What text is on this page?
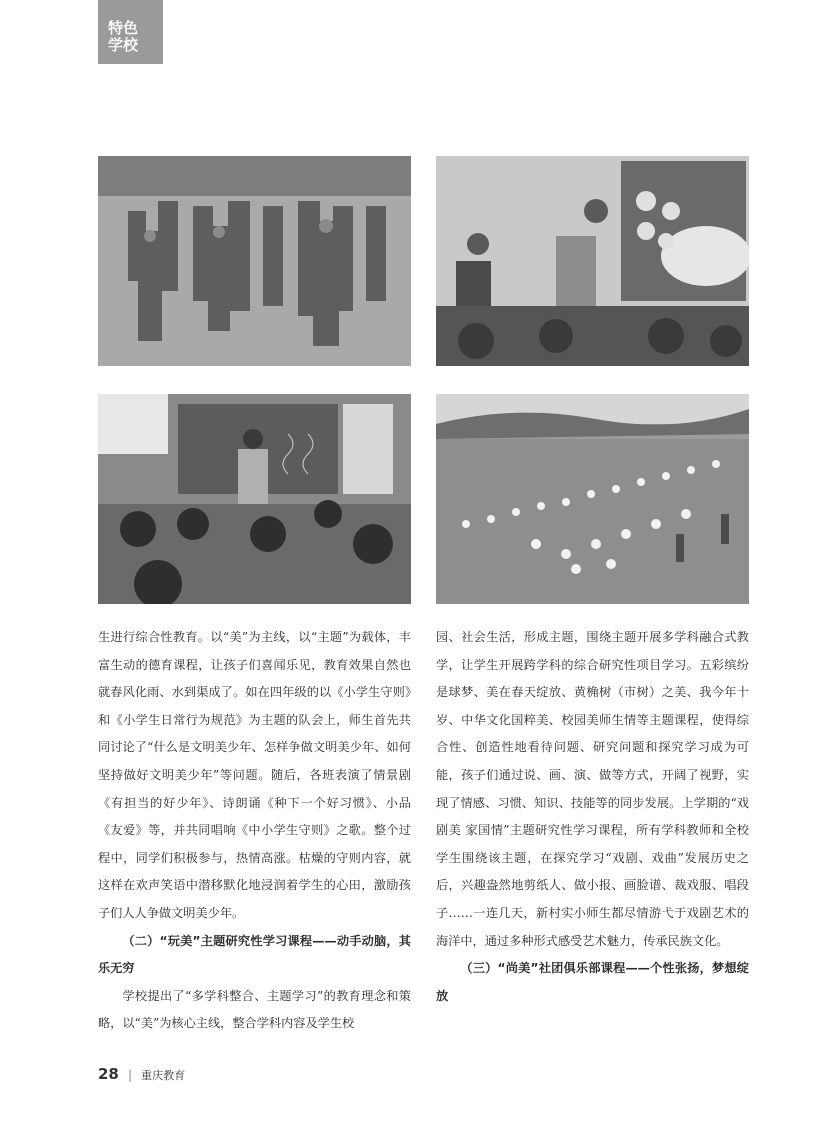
特色
学校

生进行综合性教育。以“美”为主线，以“主题”为载体，丰富生动的德育课程，让孩子们喜闻乐见，教育效果自然也就春风化雨、水到渠成了。如在四年级的以《小学生守则》和《小学生日常行为规范》为主题的队会上，师生首先共同讨论了“什么是文明美少年、怎样争做文明美少年、如何坚持做好文明美少年”等问题。随后，各班表演了情景剧《有担当的好少年》、诗朗诵《种下一个好习惯》、小品《友爱》等，并共同唱响《中小学生守则》之歌。整个过程中，同学们积极参与，热情高涨。枯燥的守则内容，就这样在欢声笑语中潜移默化地浸润着学生的心田，激励孩子们人人争做文明美少年。

（二）“玩美”主题研究性学习课程——动手动脑，其乐无穷

学校提出了“多学科整合、主题学习”的教育理念和策略，以“美”为核心主线，整合学科内容及学生校

园、社会生活，形成主题，围绕主题开展多学科融合式教学，让学生开展跨学科的综合研究性项目学习。五彩缤纷是球梦、美在春天绽放、黄桷树（市树）之美、我今年十岁、中华文化国粹美、校园美师生情等主题课程，使得综合性、创造性地看待问题、研究问题和探究学习成为可能，孩子们通过说、画、演、做等方式，开阔了视野，实现了情感、习惯、知识、技能等的同步发展。上学期的“戏剧美 家国情”主题研究性学习课程，所有学科教师和全校学生围绕该主题，在探究学习“戏剧、戏曲”发展历史之后，兴趣盎然地剪纸人、做小报、画脸谱、裁戏服、唱段子……一连几天，新村实小师生都尽情游弋于戏剧艺术的海洋中，通过多种形式感受艺术魅力，传承民族文化。

（三）“尚美”社团俱乐部课程——个性张扬，梦想绽放

28 | 重庆教育
